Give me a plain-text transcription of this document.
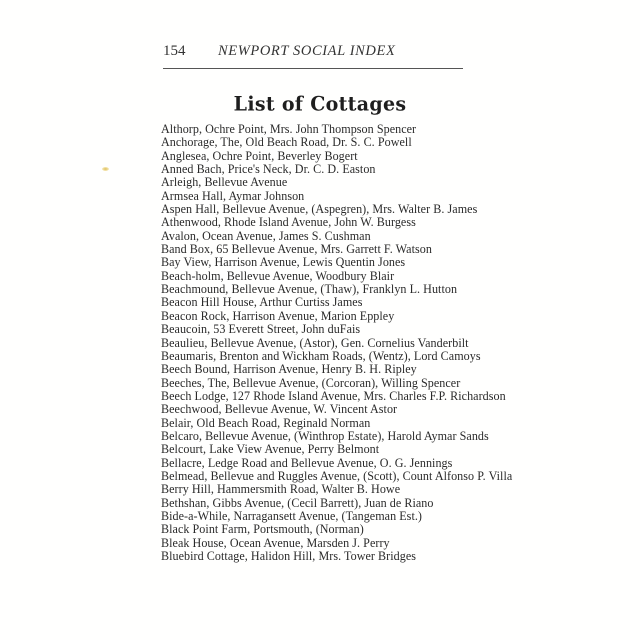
154 NEWPORT SOCIAL INDEX
List of Cottages
Althorp, Ochre Point, Mrs. John Thompson Spencer
Anchorage, The, Old Beach Road, Dr. S. C. Powell
Anglesea, Ochre Point, Beverley Bogert
Anned Bach, Price's Neck, Dr. C. D. Easton
Arleigh, Bellevue Avenue
Armsea Hall, Aymar Johnson
Aspen Hall, Bellevue Avenue, (Aspegren), Mrs. Walter B. James
Athenwood, Rhode Island Avenue, John W. Burgess
Avalon, Ocean Avenue, James S. Cushman
Band Box, 65 Bellevue Avenue, Mrs. Garrett F. Watson
Bay View, Harrison Avenue, Lewis Quentin Jones
Beach-holm, Bellevue Avenue, Woodbury Blair
Beachmound, Bellevue Avenue, (Thaw), Franklyn L. Hutton
Beacon Hill House, Arthur Curtiss James
Beacon Rock, Harrison Avenue, Marion Eppley
Beaucoin, 53 Everett Street, John duFais
Beaulieu, Bellevue Avenue, (Astor), Gen. Cornelius Vanderbilt
Beaumaris, Brenton and Wickham Roads, (Wentz), Lord Camoys
Beech Bound, Harrison Avenue, Henry B. H. Ripley
Beeches, The, Bellevue Avenue, (Corcoran), Willing Spencer
Beech Lodge, 127 Rhode Island Avenue, Mrs. Charles F.P. Richardson
Beechwood, Bellevue Avenue, W. Vincent Astor
Belair, Old Beach Road, Reginald Norman
Belcaro, Bellevue Avenue, (Winthrop Estate), Harold Aymar Sands
Belcourt, Lake View Avenue, Perry Belmont
Bellacre, Ledge Road and Bellevue Avenue, O. G. Jennings
Belmead, Bellevue and Ruggles Avenue, (Scott), Count Alfonso P. Villa
Berry Hill, Hammersmith Road, Walter B. Howe
Bethshan, Gibbs Avenue, (Cecil Barrett), Juan de Riano
Bide-a-While, Narragansett Avenue, (Tangeman Est.)
Black Point Farm, Portsmouth, (Norman)
Bleak House, Ocean Avenue, Marsden J. Perry
Bluebird Cottage, Halidon Hill, Mrs. Tower Bridges
